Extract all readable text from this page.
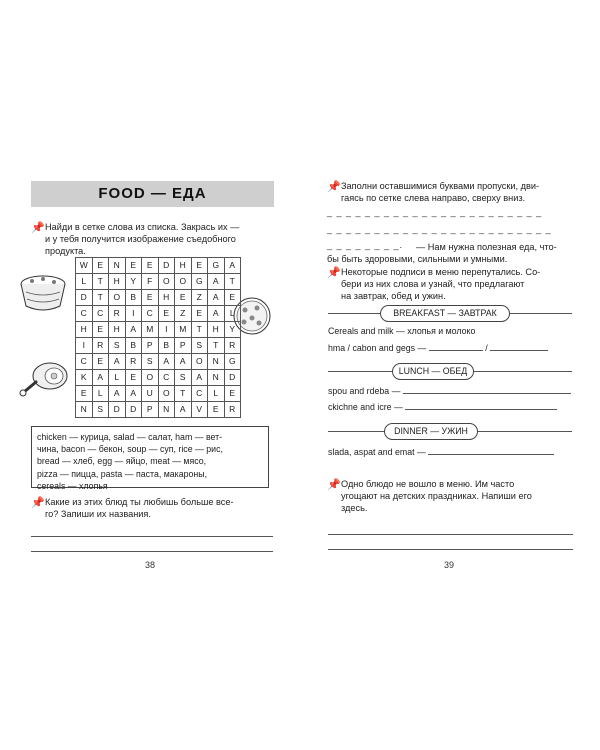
FOOD — ЕДА
📌 Найди в сетке слова из списка. Закрась их —

и у тебя получится изображение съедобного

продукта.

W	E	N	E	E	D	H	E	G	A
L	T	H	Y	F	O	O	G	A	T
D	T	O	B	E	H	E	Z	A	E
C	C	R	I	C	E	Z	E	A	L
H	E	H	A	M	I	M	T	H	Y
I	R	S	B	P	B	P	S	T	R
C	E	A	R	S	A	A	O	N	G
K	A	L	E	O	C	S	A	N	D
E	L	A	A	U	O	T	C	L	E
N	S	D	D	P	N	A	V	E	R
chicken — курица, salad — салат, ham — вет-
чина, bacon — бекон, soup — суп, rice — рис,
bread — хлеб, egg — яйцо, meat — мясо,
pizza — пицца, pasta — паста, макароны,
cereals — хлопья
📌 Какие из этих блюд ты любишь больше все-

го? Запиши их названия.

38
📌 Заполни оставшимися буквами пропуски, дви-

гаясь по сетке слева направо, сверху вниз.

_ _ _ _ _ _ _ _ _ _ _ _ _ _ _ _ _ _ _ _ _ _ _
_ _ _ _ _ _ _ _ _ _ _ _ _ _ _ _ _ _ _ _ _ _ _ _
_ _ _ _ _ _ _ _. — Нам нужна полезная еда, что-
бы быть здоровыми, сильными и умными.
📌 Некоторые подписи в меню перепутались. Со-

бери из них слова и узнай, что предлагают

на завтрак, обед и ужин.

BREAKFAST — ЗАВТРАК
Cereals and milk — хлопья и молоко
hma / cabon and gegs —	/
LUNCH — ОБЕД
spou and rdeba —
ckichne and icre —
DINNER — УЖИН
slada, aspat and emat —
📌 Одно блюдо не вошло в меню. Им часто

угощают на детских праздниках. Напиши его

здесь.

39
